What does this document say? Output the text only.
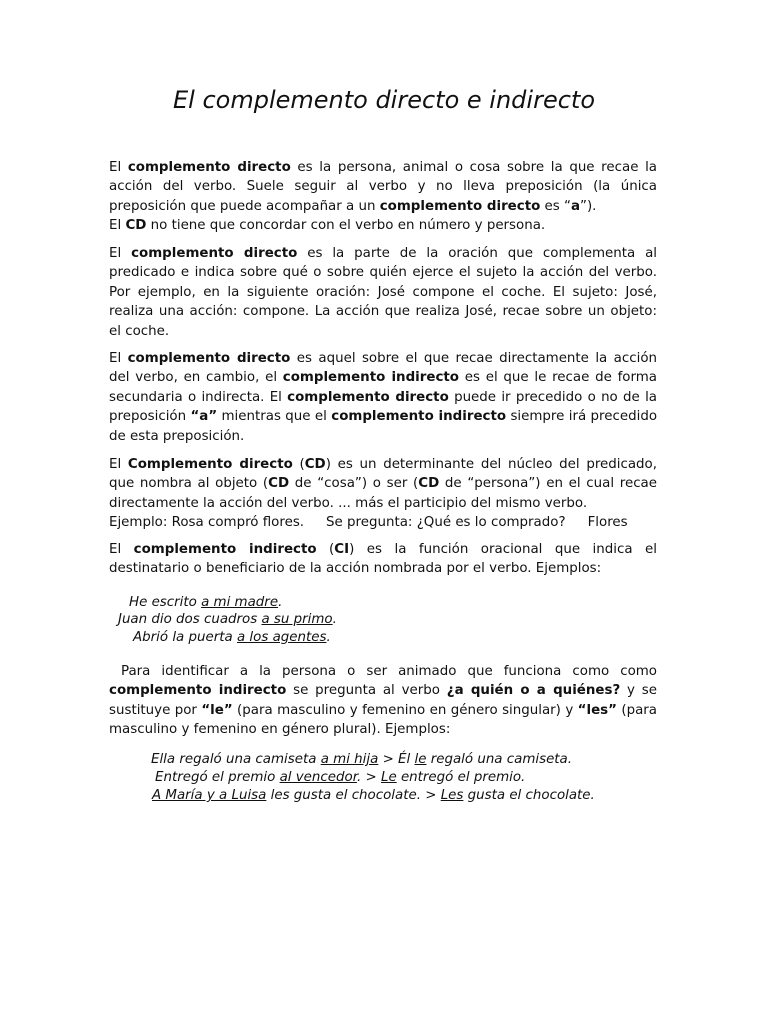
El complemento directo e indirecto

El complemento directo es la persona, animal o cosa sobre la que recae la acción del verbo. Suele seguir al verbo y no lleva preposición (la única preposición que puede acompañar a un complemento directo es “a”).
El CD no tiene que concordar con el verbo en número y persona.

El complemento directo es la parte de la oración que complementa al predicado e indica sobre qué o sobre quién ejerce el sujeto la acción del verbo. Por ejemplo, en la siguiente oración: José compone el coche. El sujeto: José, realiza una acción: compone. La acción que realiza José, recae sobre un objeto: el coche.

El complemento directo es aquel sobre el que recae directamente la acción del verbo, en cambio, el complemento indirecto es el que le recae de forma secundaria o indirecta. El complemento directo puede ir precedido o no de la preposición “a” mientras que el complemento indirecto siempre irá precedido de esta preposición.

El Complemento directo (CD) es un determinante del núcleo del predicado, que nombra al objeto (CD de “cosa”) o ser (CD de “persona”) en el cual recae directamente la acción del verbo. ... más el participio del mismo verbo.
Ejemplo: Rosa compró flores. Se pregunta: ¿Qué es lo comprado? Flores

El complemento indirecto (CI) es la función oracional que indica el destinatario o beneficiario de la acción nombrada por el verbo. Ejemplos:

He escrito a mi madre.
Juan dio dos cuadros a su primo.
Abrió la puerta a los agentes.

Para identificar a la persona o ser animado que funciona como como complemento indirecto se pregunta al verbo ¿a quién o a quiénes? y se sustituye por “le” (para masculino y femenino en género singular) y “les” (para masculino y femenino en género plural). Ejemplos:

Ella regaló una camiseta a mi hija > Él le regaló una camiseta.
Entregó el premio al vencedor. > Le entregó el premio.
A María y a Luisa les gusta el chocolate. > Les gusta el chocolate.
